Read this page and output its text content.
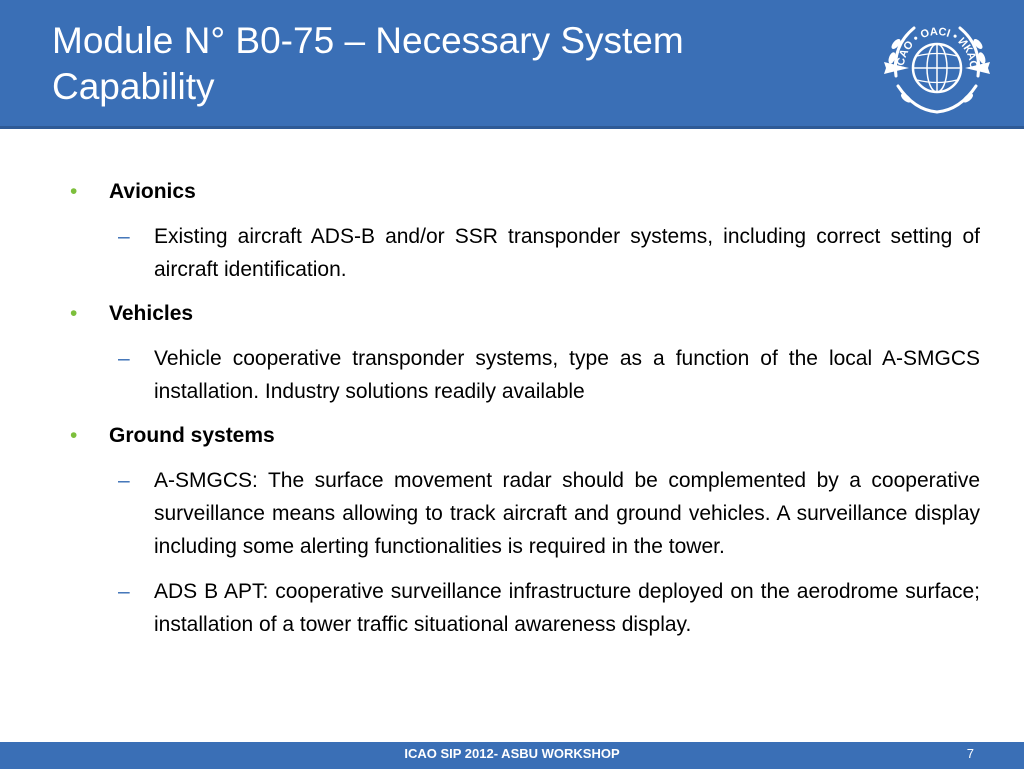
Module N° B0-75 – Necessary System Capability	ICAO • OACI • ИКАО
• Avionics
– Existing aircraft ADS-B and/or SSR transponder systems, including correct setting of aircraft identification.
• Vehicles
– Vehicle cooperative transponder systems, type as a function of the local A-SMGCS installation. Industry solutions readily available
• Ground systems
– A-SMGCS: The surface movement radar should be complemented by a cooperative surveillance means allowing to track aircraft and ground vehicles. A surveillance display including some alerting functionalities is required in the tower.
– ADS B APT: cooperative surveillance infrastructure deployed on the aerodrome surface; installation of a tower traffic situational awareness display.
ICAO SIP 2012- ASBU WORKSHOP	7
